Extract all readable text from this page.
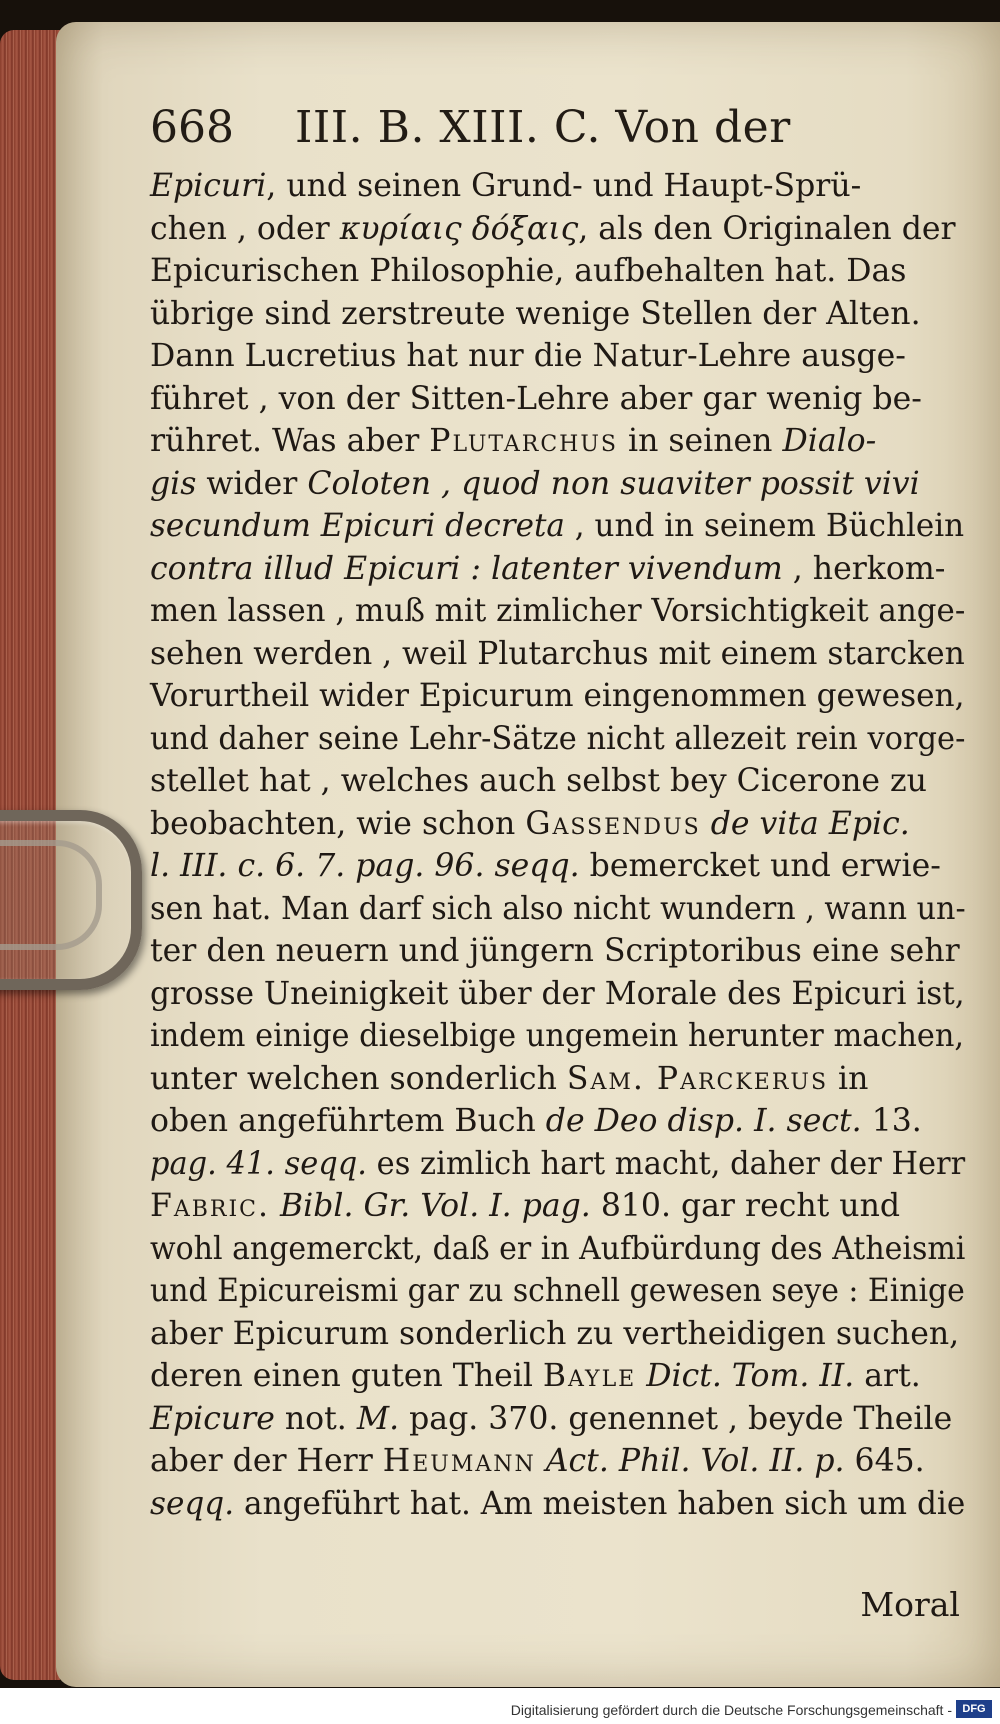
668 III. B. XIII. C. Von der
Epicuri, und seinen Grund- und Haupt-Sprü-
chen , oder κυρίαις δόξαις, als den Originalen der
Epicurischen Philosophie, aufbehalten hat. Das
übrige sind zerstreute wenige Stellen der Alten.
Dann Lucretius hat nur die Natur-Lehre ausge-
führet , von der Sitten-Lehre aber gar wenig be-
rühret. Was aber Plutarchus in seinen Dialo-
gis wider Coloten , quod non suaviter possit vivi
secundum Epicuri decreta , und in seinem Büchlein
contra illud Epicuri : latenter vivendum , herkom-
men lassen , muß mit zimlicher Vorsichtigkeit ange-
sehen werden , weil Plutarchus mit einem starcken
Vorurtheil wider Epicurum eingenommen gewesen,
und daher seine Lehr-Sätze nicht allezeit rein vorge-
stellet hat , welches auch selbst bey Cicerone zu
beobachten, wie schon Gassendus de vita Epic.
l. III. c. 6. 7. pag. 96. seqq. bemercket und erwie-
sen hat. Man darf sich also nicht wundern , wann un-
ter den neuern und jüngern Scriptoribus eine sehr
grosse Uneinigkeit über der Morale des Epicuri ist,
indem einige dieselbige ungemein herunter machen,
unter welchen sonderlich Sam. Parckerus in
oben angeführtem Buch de Deo disp. I. sect. 13.
pag. 41. seqq. es zimlich hart macht, daher der Herr
Fabric. Bibl. Gr. Vol. I. pag. 810. gar recht und
wohl angemerckt, daß er in Aufbürdung des Atheismi
und Epicureismi gar zu schnell gewesen seye : Einige
aber Epicurum sonderlich zu vertheidigen suchen,
deren einen guten Theil Bayle Dict. Tom. II. art.
Epicure not. M. pag. 370. genennet , beyde Theile
aber der Herr Heumann Act. Phil. Vol. II. p. 645.
seqq. angeführt hat. Am meisten haben sich um die
Moral
Digitalisierung gefördert durch die Deutsche Forschungsgemeinschaft - DFG
